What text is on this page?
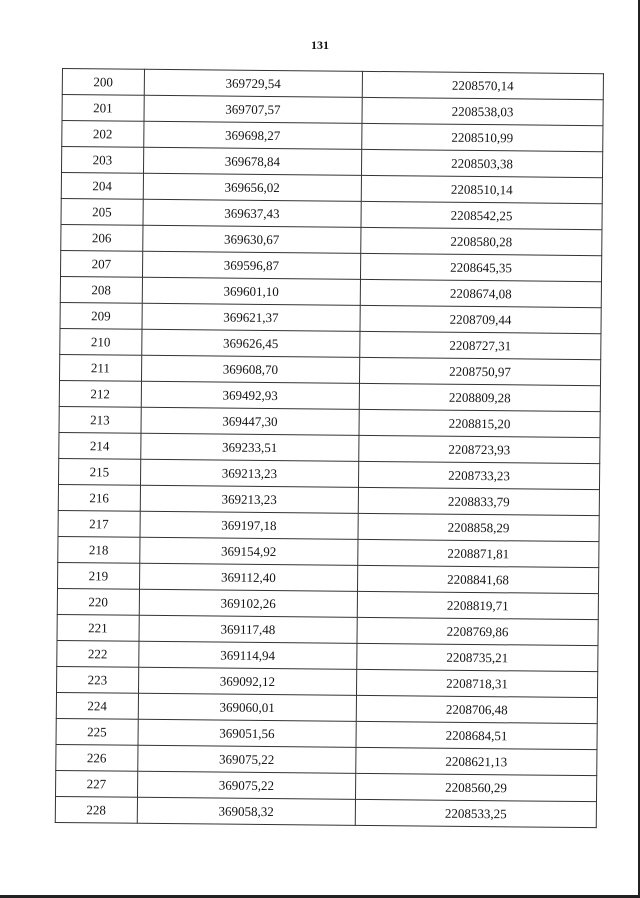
131
200	369729,54	2208570,14
201	369707,57	2208538,03
202	369698,27	2208510,99
203	369678,84	2208503,38
204	369656,02	2208510,14
205	369637,43	2208542,25
206	369630,67	2208580,28
207	369596,87	2208645,35
208	369601,10	2208674,08
209	369621,37	2208709,44
210	369626,45	2208727,31
211	369608,70	2208750,97
212	369492,93	2208809,28
213	369447,30	2208815,20
214	369233,51	2208723,93
215	369213,23	2208733,23
216	369213,23	2208833,79
217	369197,18	2208858,29
218	369154,92	2208871,81
219	369112,40	2208841,68
220	369102,26	2208819,71
221	369117,48	2208769,86
222	369114,94	2208735,21
223	369092,12	2208718,31
224	369060,01	2208706,48
225	369051,56	2208684,51
226	369075,22	2208621,13
227	369075,22	2208560,29
228	369058,32	2208533,25
